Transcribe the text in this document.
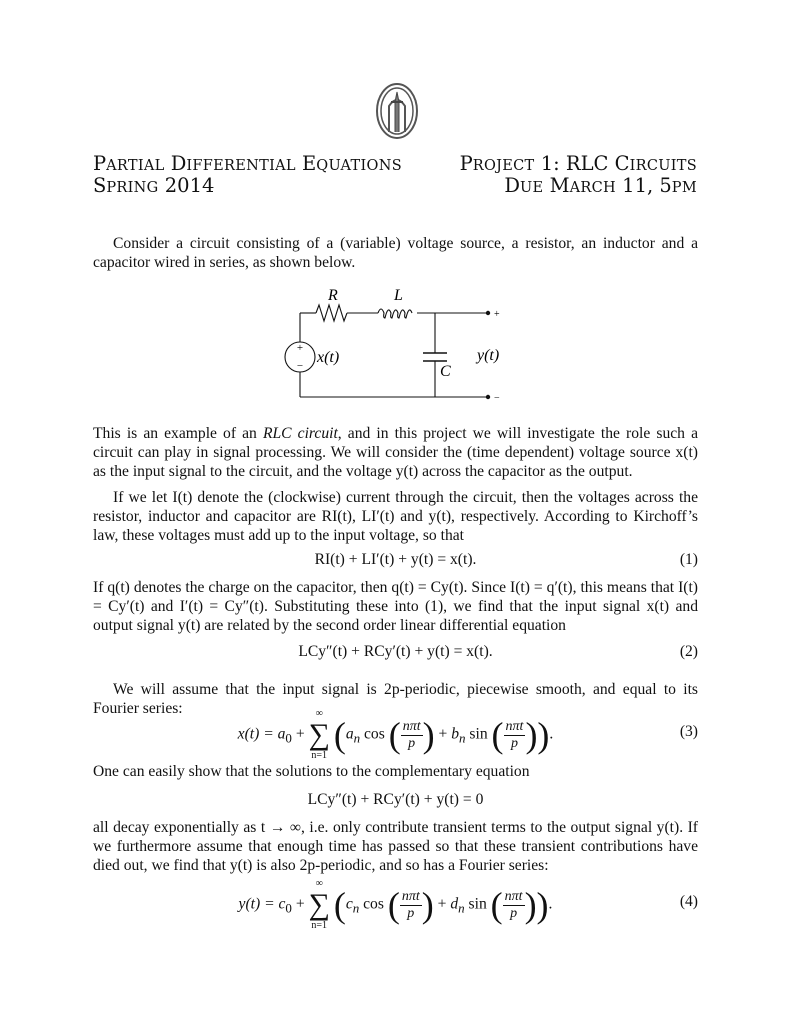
PARTIAL DIFFERENTIAL EQUATIONS
SPRING 2014
PROJECT 1: RLC CIRCUITS
DUE MARCH 11, 5PM
Consider a circuit consisting of a (variable) voltage source, a resistor, an inductor and a capacitor wired in series, as shown below.
+
−
R	L
C
x(t)	y(t)
+
−
This is an example of an RLC circuit, and in this project we will investigate the role such a circuit can play in signal processing. We will consider the (time dependent) voltage source x(t) as the input signal to the circuit, and the voltage y(t) across the capacitor as the output.
If we let I(t) denote the (clockwise) current through the circuit, then the voltages across the resistor, inductor and capacitor are RI(t), LI′(t) and y(t), respectively. According to Kirchoff’s law, these voltages must add up to the input voltage, so that
RI(t) + LI′(t) + y(t) = x(t).	(1)
If q(t) denotes the charge on the capacitor, then q(t) = Cy(t). Since I(t) = q′(t), this means that I(t) = Cy′(t) and I′(t) = Cy″(t). Substituting these into (1), we find that the input signal x(t) and output signal y(t) are related by the second order linear differential equation
LCy″(t) + RCy′(t) + y(t) = x(t).	(2)
We will assume that the input signal is 2p-periodic, piecewise smooth, and equal to its Fourier series:
$x(t) = a_0$ +
∞
∑
n=1
($a_n$ cos ( $\frac{\text{nπt}}{p}$ ) + $b_n$ sin ( $\frac{\text{nπt}}{p}$ )).	(3)
One can easily show that the solutions to the complementary equation
LCy″(t) + RCy′(t) + y(t) = 0
all decay exponentially as t → ∞, i.e. only contribute transient terms to the output signal y(t). If we furthermore assume that enough time has passed so that these transient contributions have died out, we find that y(t) is also 2p-periodic, and so has a Fourier series:
$y(t) = c_0$ +
∞
∑
n=1
($c_n$ cos ( $\frac{\text{nπt}}{p}$ ) + $d_n$ sin ( $\frac{\text{nπt}}{p}$ )).	(4)
